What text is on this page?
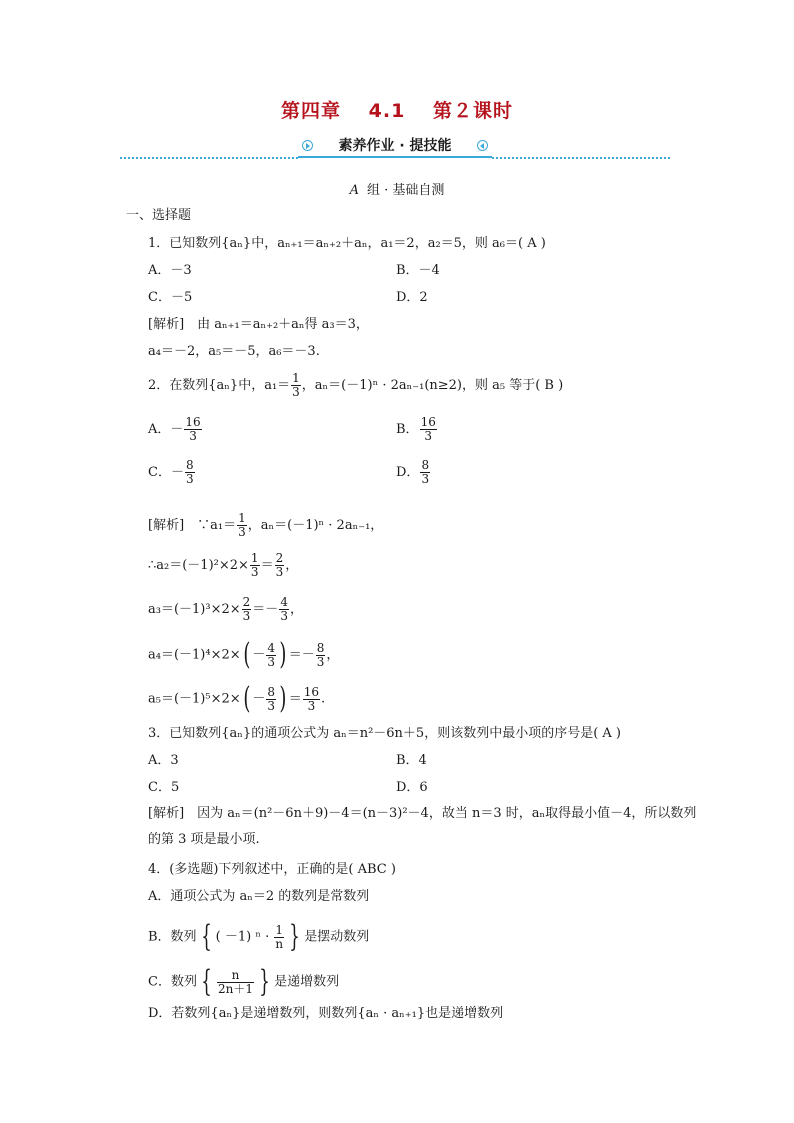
第四章 4.1 第２课时
素养作业 · 提技能
A 组 · 基础自测
一、选择题
1．已知数列{aₙ}中，aₙ₊₁＝aₙ₊₂＋aₙ，a₁＝2，a₂＝5，则 a₆＝( A )
A．－3	B．－4
C．－5	D．2
[解析]　由 aₙ₊₁＝aₙ₊₂＋aₙ得 a₃＝3，
a₄＝－2，a₅＝－5，a₆＝－3.
2．在数列{aₙ}中，$a_1= \frac{1}{3}$ ，aₙ＝(－1)ⁿ · 2aₙ₋₁(n≥2)，则 a₅ 等于( B )
A．－ $\frac{16}{3}$	B． $\frac{16}{3}$
C．－ $\frac{8}{3}$	D． $\frac{8}{3}$
[解析]　∵a₁＝ $\frac{1}{3}$ ，aₙ＝(－1)ⁿ · 2aₙ₋₁，
∴a₂＝(－1)²×2× $\frac{1}{3} = \frac{2}{3}$ ，
$a_3=(-1)^3\times 2\times \frac{2}{3} =- \frac{4}{3}$ ，
$a_4=(-1)^4\times 2\times( - \frac{4}{3}$ ) ＝－ $\frac{8}{3}$ ，
$a_5=(-1)^5\times 2\times( - \frac{8}{3}$ ) ＝ $\frac{16}{3}$ .
3．已知数列{aₙ}的通项公式为 aₙ＝n²－6n＋5，则该数列中最小项的序号是( A )
A．3	B．4
C．5	D．6
[解析]　因为 aₙ＝(n²－6n＋9)－4＝(n－3)²－4，故当 n＝3 时，aₙ取得最小值－4，所以数列的第 3 项是最小项.
4．(多选题)下列叙述中，正确的是( ABC )
A．通项公式为 aₙ＝2 的数列是常数列
B．数列 { ( －1) $^n \cdot \frac{1}{n}$ } 是摆动数列
C．数列 { $\frac{n}{2n+1}$ } 是递增数列
D．若数列{aₙ}是递增数列，则数列{aₙ · aₙ₊₁}也是递增数列
